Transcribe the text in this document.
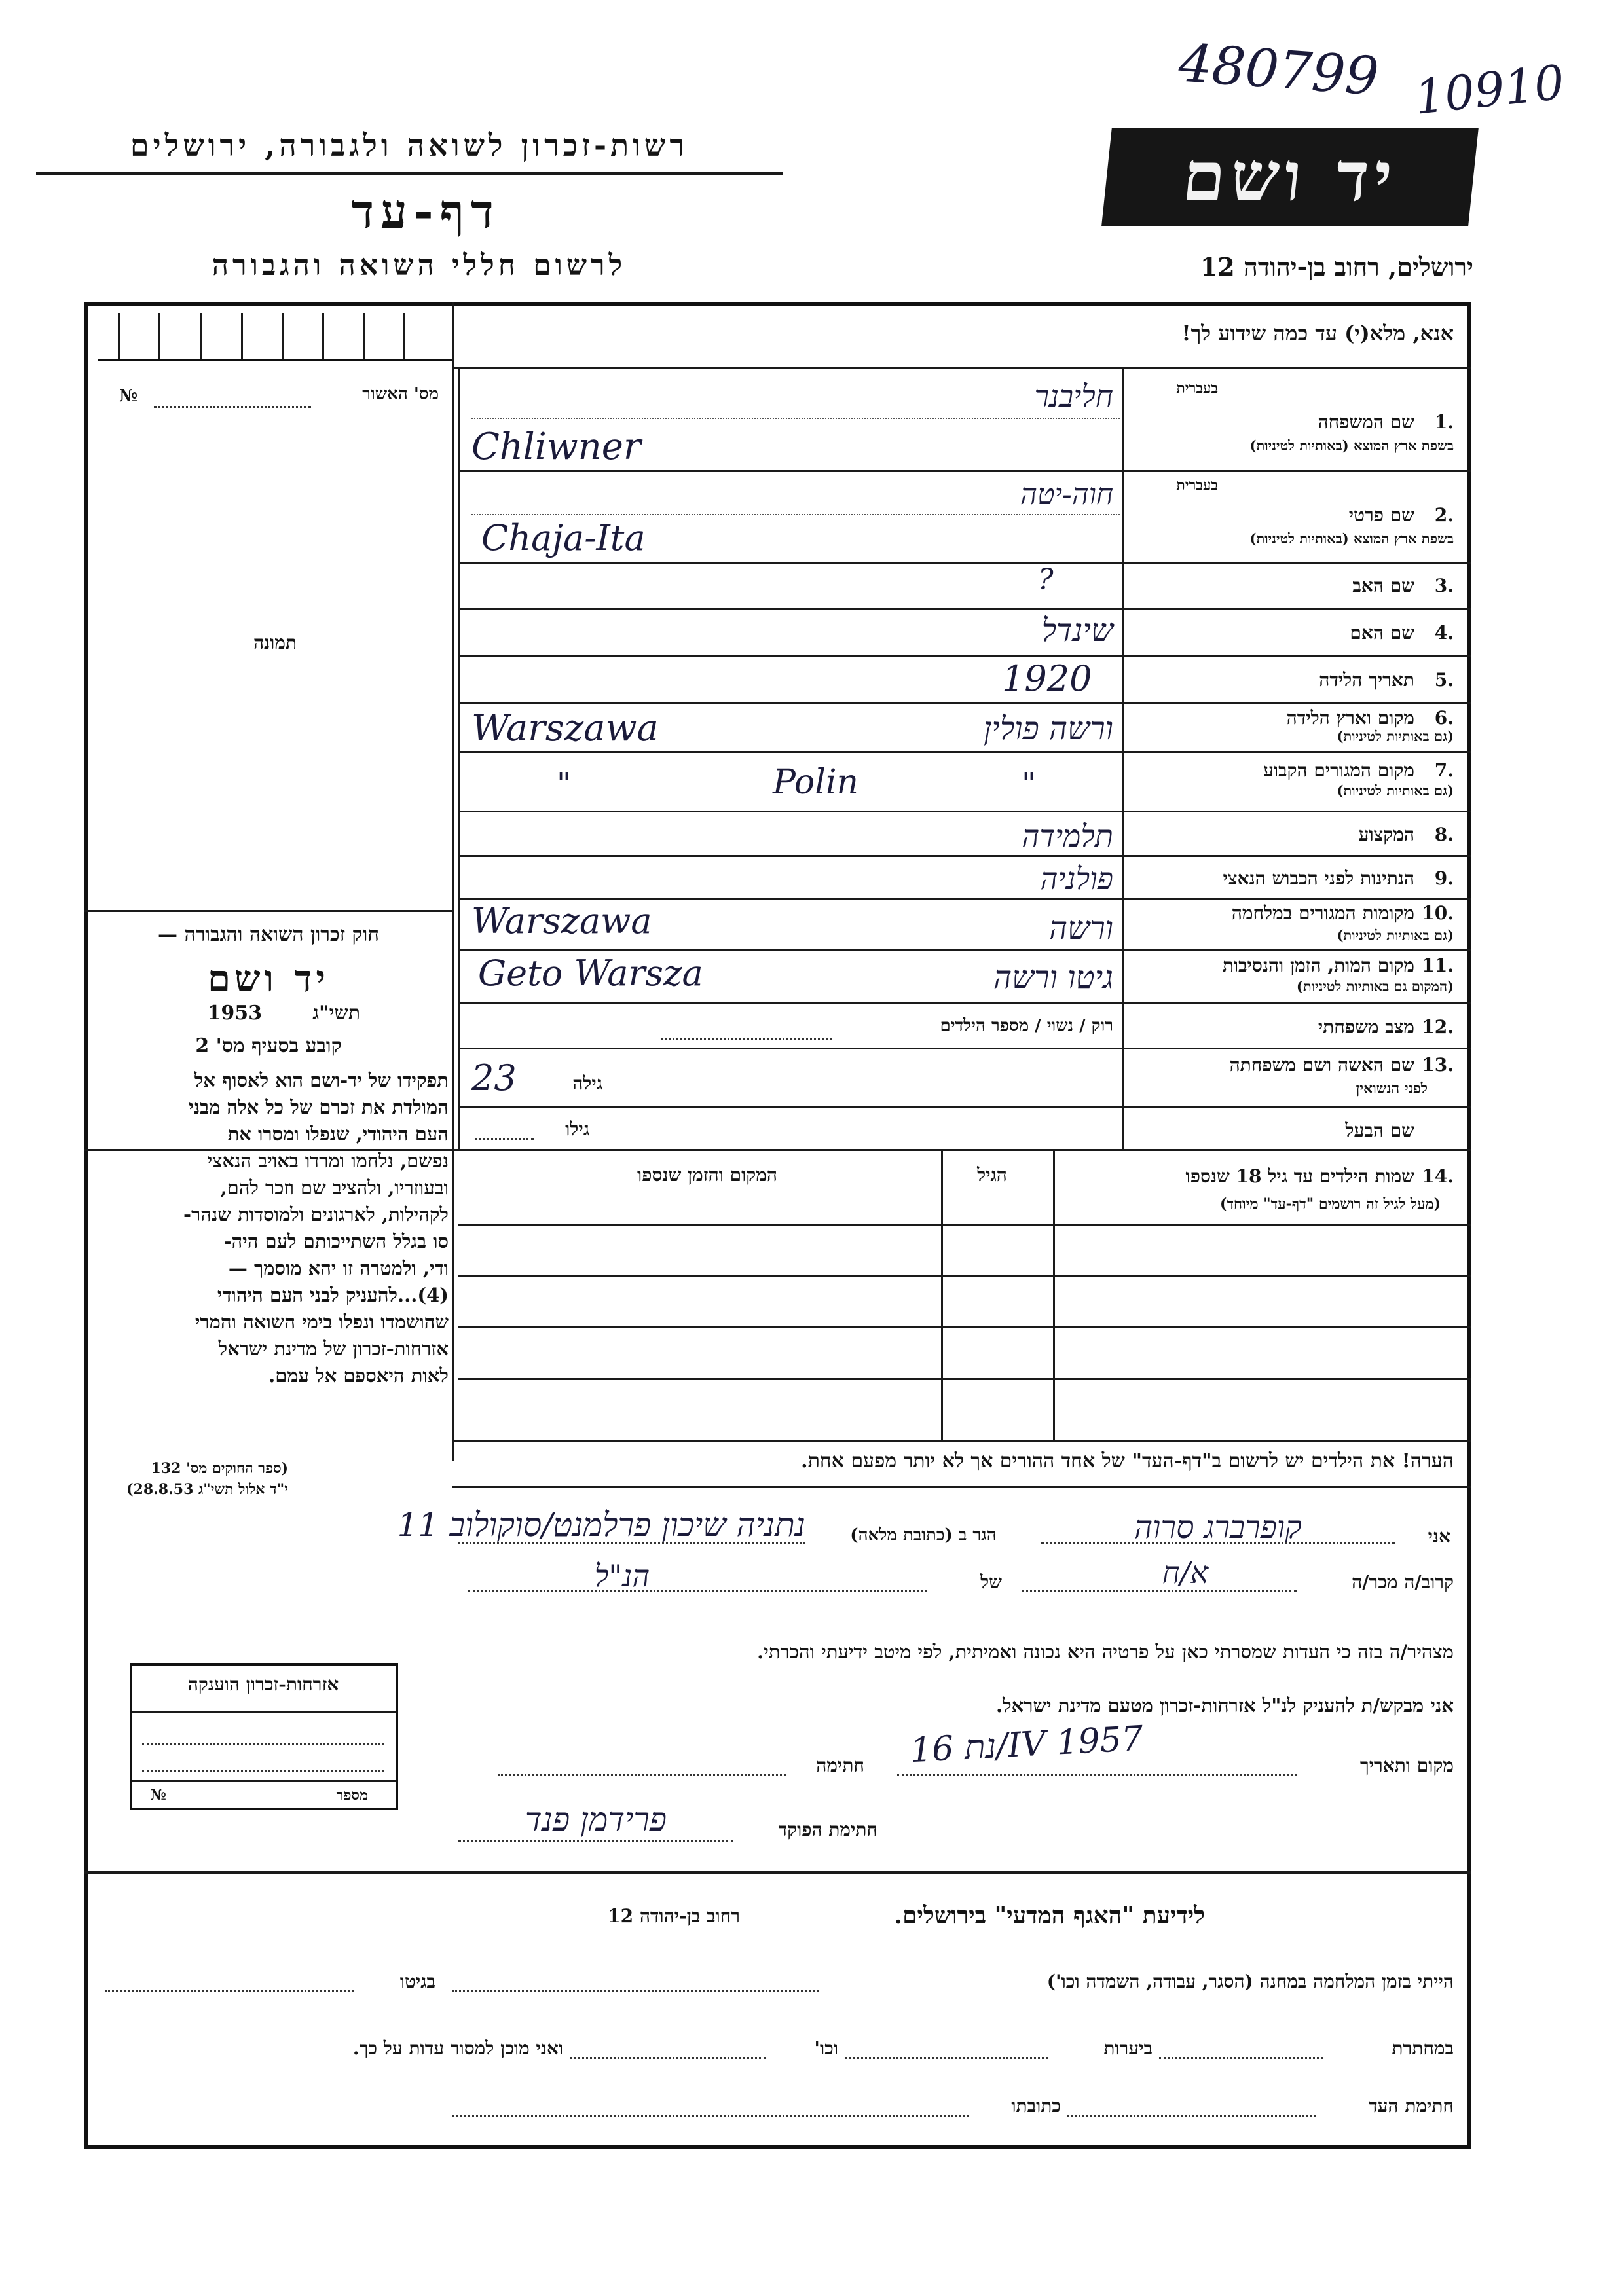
480799 10910
רשות-זכרון לשואה ולגבורה, ירושלים
דף-עד
לרשום חללי השואה והגבורה
יד ושם
ירושלים, רחוב בן-יהודה 12
אנא, מלא(י) עד כמה שידוע לך!
מס' האשור
№
תמונה
1.
שם המשפחה
בעברית
בשפת ארץ המוצא (באותיות לטיניות)
חליבנר
Chliwner
2.
שם פרטי
בעברית
בשפת ארץ המוצא (באותיות לטיניות)
חוה-יטה
Chaja-Ita
3.
שם האב
?
4.
שם האם
שינדל
5.
תאריך הלידה
1920
6.
מקום וארץ הלידה
(גם באותיות לטיניות)
ורשה פולין
Warszawa
7.
מקום המגורים הקבוע
(גם באותיות לטיניות)
"
Polin
"
8.
המקצוע
תלמידה
9.
הנתינות לפני הכבוש הנאצי
פולניה
10.
מקומות המגורים במלחמה
(גם באותיות לטיניות)
ורשה
Warszawa
11.
מקום המות, הזמן והנסיבות
(המקום גם באותיות לטיניות)
גיטו ורשה
Geto Warsza
12.
מצב משפחתי
רוק / נשוי / מספר הילדים
13.
שם האשה ושם משפחתה
לפני הנשואין
גילה
23
שם הבעל
גילו
14.
שמות הילדים עד גיל 18 שנספו
(מעל לגיל זה רושמים "דף-עד" מיוחד)
הגיל
המקום והזמן שנספו
הערה! את הילדים יש לרשום ב"דף-העד" של אחד ההורים אך לא יותר מפעם אחת.
חוק זכרון השואה והגבורה —
יד ושם
תשי"ג
1953
קובע בסעיף מס' 2
תפקידו של יד-ושם הוא לאסוף אל
המולדת את זכרם של כל אלה מבני
העם היהודי, שנפלו ומסרו את
נפשם, נלחמו ומרדו באויב הנאצי
ובעוזריו, ולהציב שם וזכר להם,
לקהילות, לארגונים ולמוסדות שנהר-
סו בגלל השתייכותם לעם היה-
ודי, ולמטרה זו יהא מוסמך —
(4)...להעניק לבני העם היהודי
שהושמדו ונפלו בימי השואה והמרי
אזרחות-זכרון של מדינת ישראל
לאות היאספם אל עמם.
(ספר החוקים מס' 132
י"ד אלול תשי"ג 28.8.53)
אני
קופרברג סרוה
הגר ב (כתובת מלאה)
נתניה שיכון פרלמנט/סוקולוב 11
קרוב/ה מכר/ה
א/ח
של
הנ"ל
מצהיר/ה בזה כי העדות שמסרתי כאן על פרטיה היא נכונה ואמיתית, לפי מיטב ידיעתי והכרתי.
אני מבקש/ת להעניק לנ"ל אזרחות-זכרון מטעם מדינת ישראל.
מקום ותאריך
נת 16/IV 1957
חתימה
חתימת הפוקד
פרידמן פנד
אזרחות-זכרון הוענקה
מספר
№
לידיעת "האגף המדעי" בירושלים.
רחוב בן-יהודה 12
הייתי בזמן המלחמה במחנה (הסגר, עבודה, השמדה וכו')
בגיטו
במחתרת
ביערות
וכו'
ואני מוכן למסור עדות על כך.
חתימת העד
כתובתו
